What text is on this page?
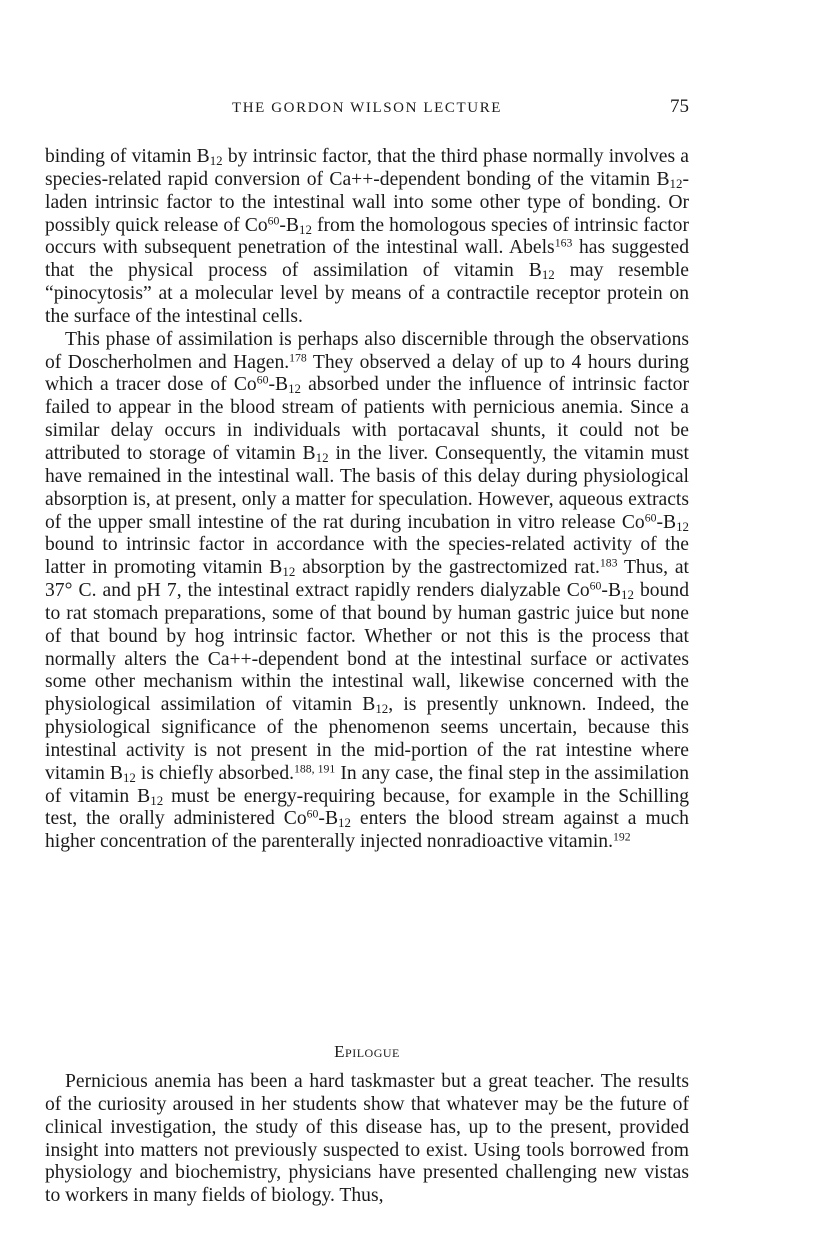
THE GORDON WILSON LECTURE	75

binding of vitamin $B_{12}$ by intrinsic factor, that the third phase normally involves a species-related rapid conversion of Ca++-dependent bonding of the vitamin $B_{12}$-laden intrinsic factor to the intestinal wall into some other type of bonding. Or possibly quick release of $Co^{60}-B_{12}$ from the homologous species of intrinsic factor occurs with subsequent penetration of the intestinal wall. Abels$^{163}$ has suggested that the physical process of assimilation of vitamin $B_{12}$ may resemble “pinocytosis” at a molecular level by means of a contractile receptor protein on the surface of the intestinal cells.

This phase of assimilation is perhaps also discernible through the observations of Doscherholmen and Hagen.$^{178}$ They observed a delay of up to 4 hours during which a tracer dose of $Co^{60}-B_{12}$ absorbed under the influence of intrinsic factor failed to appear in the blood stream of patients with pernicious anemia. Since a similar delay occurs in individuals with portacaval shunts, it could not be attributed to storage of vitamin $B_{12}$ in the liver. Consequently, the vitamin must have remained in the intestinal wall. The basis of this delay during physiological absorption is, at present, only a matter for speculation. However, aqueous extracts of the upper small intestine of the rat during incubation in vitro release $Co^{60}-B_{12}$ bound to intrinsic factor in accordance with the species-related activity of the latter in promoting vitamin $B_{12}$ absorption by the gastrectomized rat.$^{183}$ Thus, at 37° C. and pH 7, the intestinal extract rapidly renders dialyzable $Co^{60}-B_{12}$ bound to rat stomach preparations, some of that bound by human gastric juice but none of that bound by hog intrinsic factor. Whether or not this is the process that normally alters the Ca++-dependent bond at the intestinal surface or activates some other mechanism within the intestinal wall, likewise concerned with the physiological assimilation of vitamin $B_{12}$, is presently unknown. Indeed, the physiological significance of the phenomenon seems uncertain, because this intestinal activity is not present in the mid-portion of the rat intestine where vitamin $B_{12}$ is chiefly absorbed.$^{188, 191}$ In any case, the final step in the assimilation of vitamin $B_{12}$ must be energy-requiring because, for example in the Schilling test, the orally administered $Co^{60}-B_{12}$ enters the blood stream against a much higher concentration of the parenterally injected nonradioactive vitamin.$^{192}$

Epilogue

Pernicious anemia has been a hard taskmaster but a great teacher. The results of the curiosity aroused in her students show that whatever may be the future of clinical investigation, the study of this disease has, up to the present, provided insight into matters not previously suspected to exist. Using tools borrowed from physiology and biochemistry, physicians have presented challenging new vistas to workers in many fields of biology. Thus,
